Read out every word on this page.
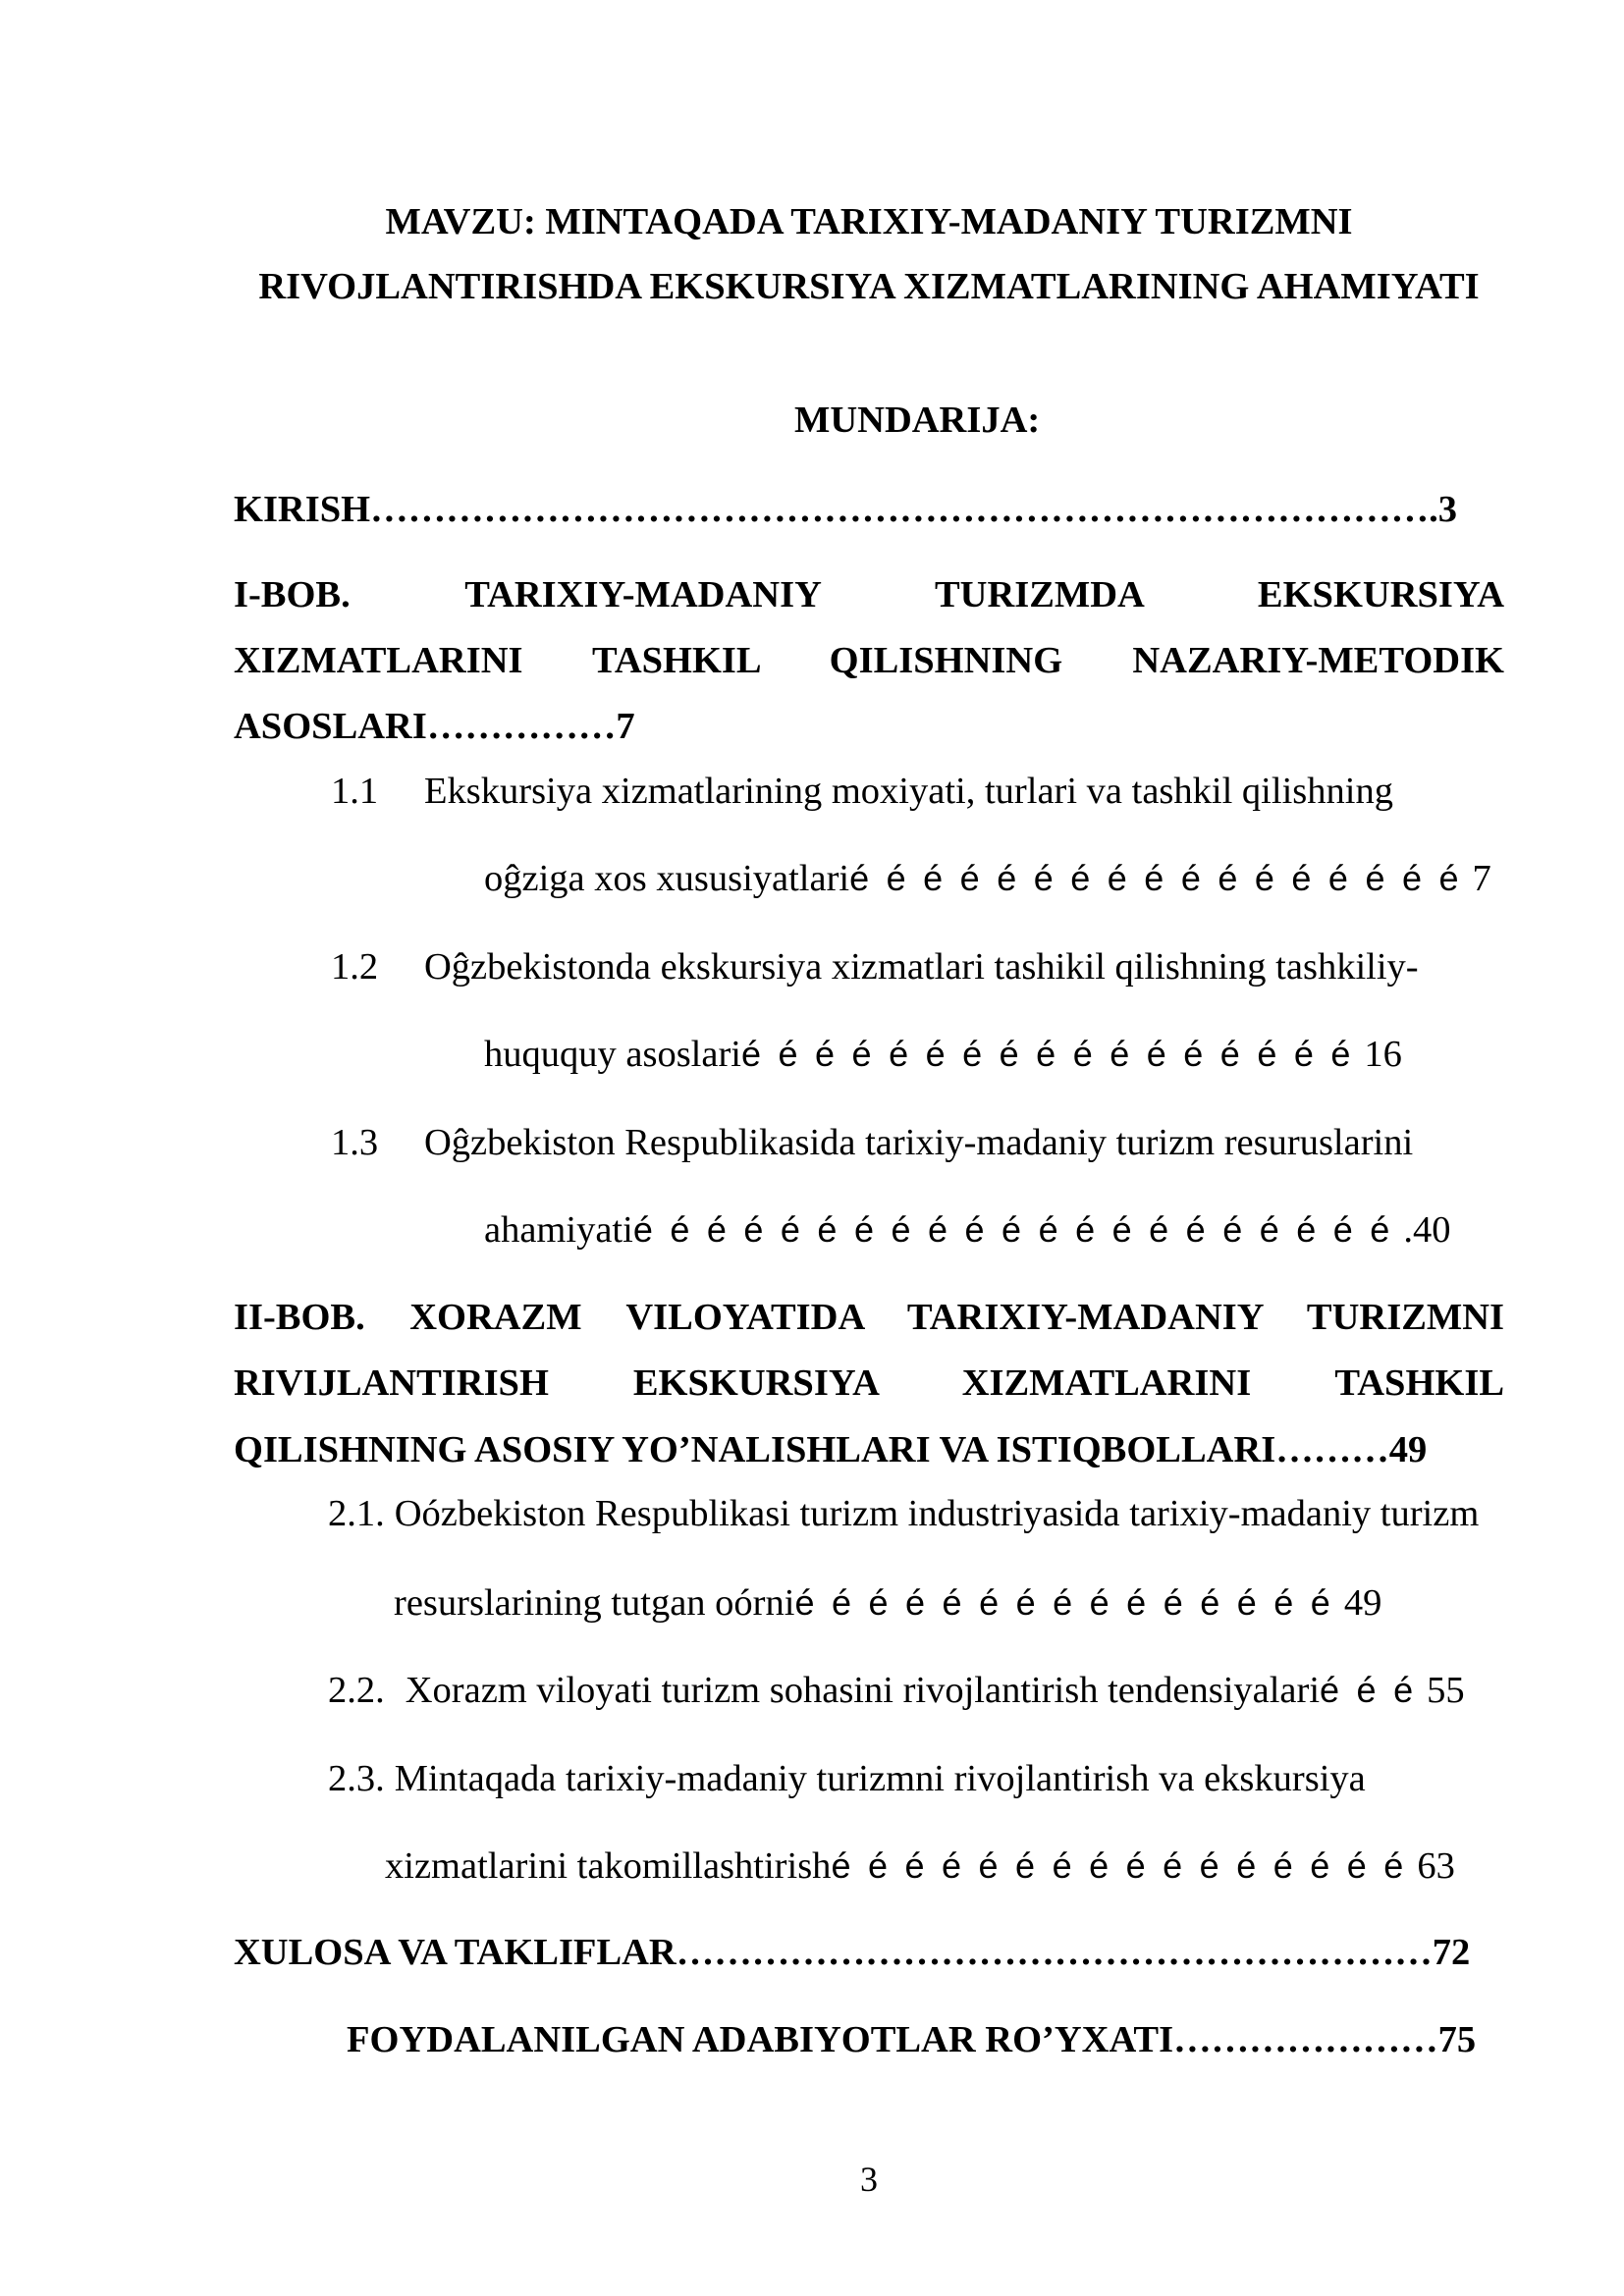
MAVZU: MINTAQADA TARIXIY-MADANIY TURIZMNI
RIVOJLANTIRISHDA EKSKURSIYA XIZMATLARINING AHAMIYATI
MUNDARIJA:
KIRISH………………………………………………………………………….3
I-BOB. TARIXIY-MADANIY TURIZMDA EKSKURSIYA
XIZMATLARINI TASHKIL QILISHNING NAZARIY-METODIK
ASOSLARI……………7
1.1 Ekskursiya xizmatlarining moxiyati, turlari va tashkil qilishning
oĝziga xos xususiyatlarié é é é é é é é é é é é é é é é é 7
1.2 Oĝzbekistonda ekskursiya xizmatlari tashikil qilishning tashkiliy-
huququy asoslarié é é é é é é é é é é é é é é é é 16
1.3 Oĝzbekiston Respublikasida tarixiy-madaniy turizm resuruslarini
ahamiyatié é é é é é é é é é é é é é é é é é é é é .40
II-BOB. XORAZM VILOYATIDA TARIXIY-MADANIY TURIZMNI
RIVIJLANTIRISH EKSKURSIYA XIZMATLARINI TASHKIL
QILISHNING ASOSIY YO’NALISHLARI VA ISTIQBOLLARI………49
2.1. Oózbekiston Respublikasi turizm industriyasida tarixiy-madaniy turizm
resurslarining tutgan oórnié é é é é é é é é é é é é é é 49
2.2. Xorazm viloyati turizm sohasini rivojlantirish tendensiyalarié é é 55
2.3. Mintaqada tarixiy-madaniy turizmni rivojlantirish va ekskursiya
xizmatlarini takomillashtirishé é é é é é é é é é é é é é é é 63
XULOSA VA TAKLIFLAR……………………………………………………72
FOYDALANILGAN ADABIYOTLAR RO’YXATI…………………75
3
